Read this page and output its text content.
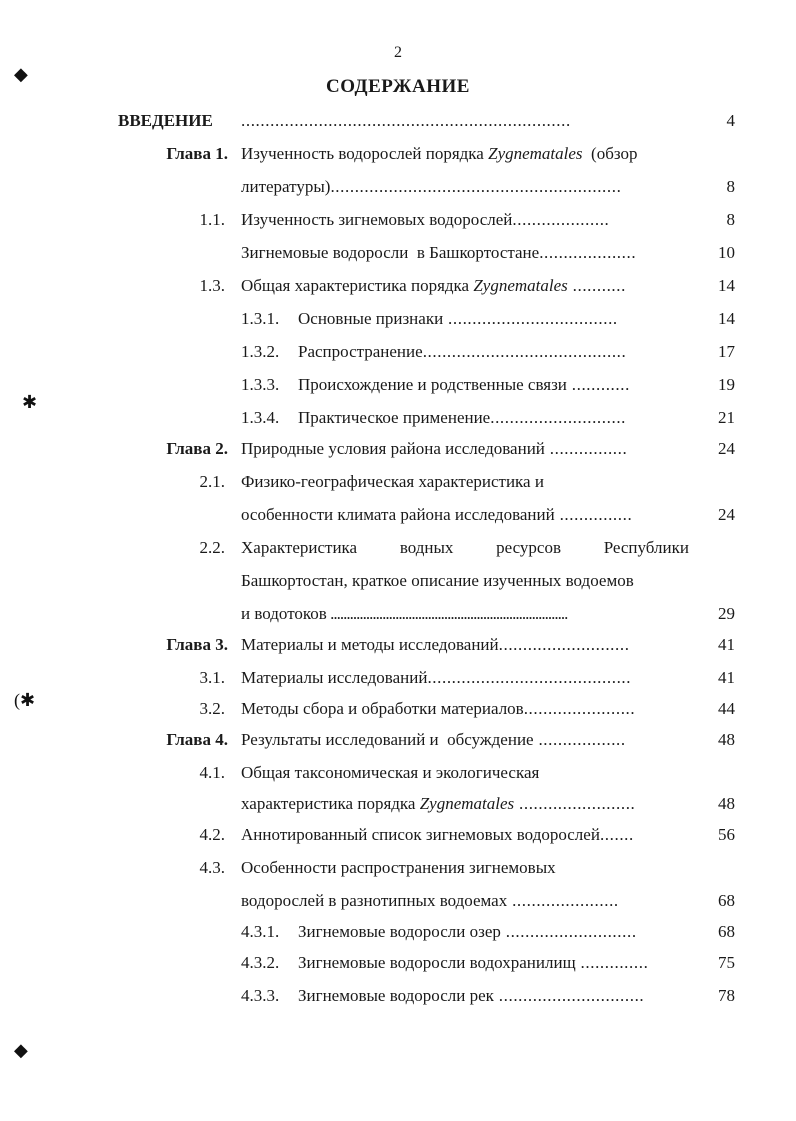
◆
✱
(✱
◆
2
СОДЕРЖАНИЕ
ВВЕДЕНИЕ ....................................................................	4
Глава 1. Изученность водорослей порядка Zygnematales  (обзор
литературы)............................................................	8
1.1. Изученность зигнемовых водорослей....................	8
Зигнемовые водоросли  в Башкортостане....................	10
1.3. Общая характеристика порядка Zygnematales ...........	14
1.3.1. Основные признаки ...................................	14
1.3.2. Распространение..........................................	17
1.3.3. Происхождение и родственные связи ............	19
1.3.4. Практическое применение............................	21
Глава 2. Природные условия района исследований ................	24
2.1. Физико-географическая характеристика и
особенности климата района исследований ...............	24
2.2. Характеристика	водных	ресурсов	Республики
Башкортостан, краткое описание изученных водоемов
и водотоков .........................................................................	29
Глава 3. Материалы и методы исследований...........................	41
3.1. Материалы исследований..........................................	41
3.2. Методы сбора и обработки материалов.......................	44
Глава 4. Результаты исследований и  обсуждение ..................	48
4.1. Общая таксономическая и экологическая
характеристика порядка Zygnematales ........................	48
4.2. Аннотированный список зигнемовых водорослей.......	56
4.3. Особенности распространения зигнемовых
водорослей в разнотипных водоемах ......................	68
4.3.1. Зигнемовые водоросли озер ...........................	68
4.3.2. Зигнемовые водоросли водохранилищ ..............	75
4.3.3. Зигнемовые водоросли рек ..............................	78
